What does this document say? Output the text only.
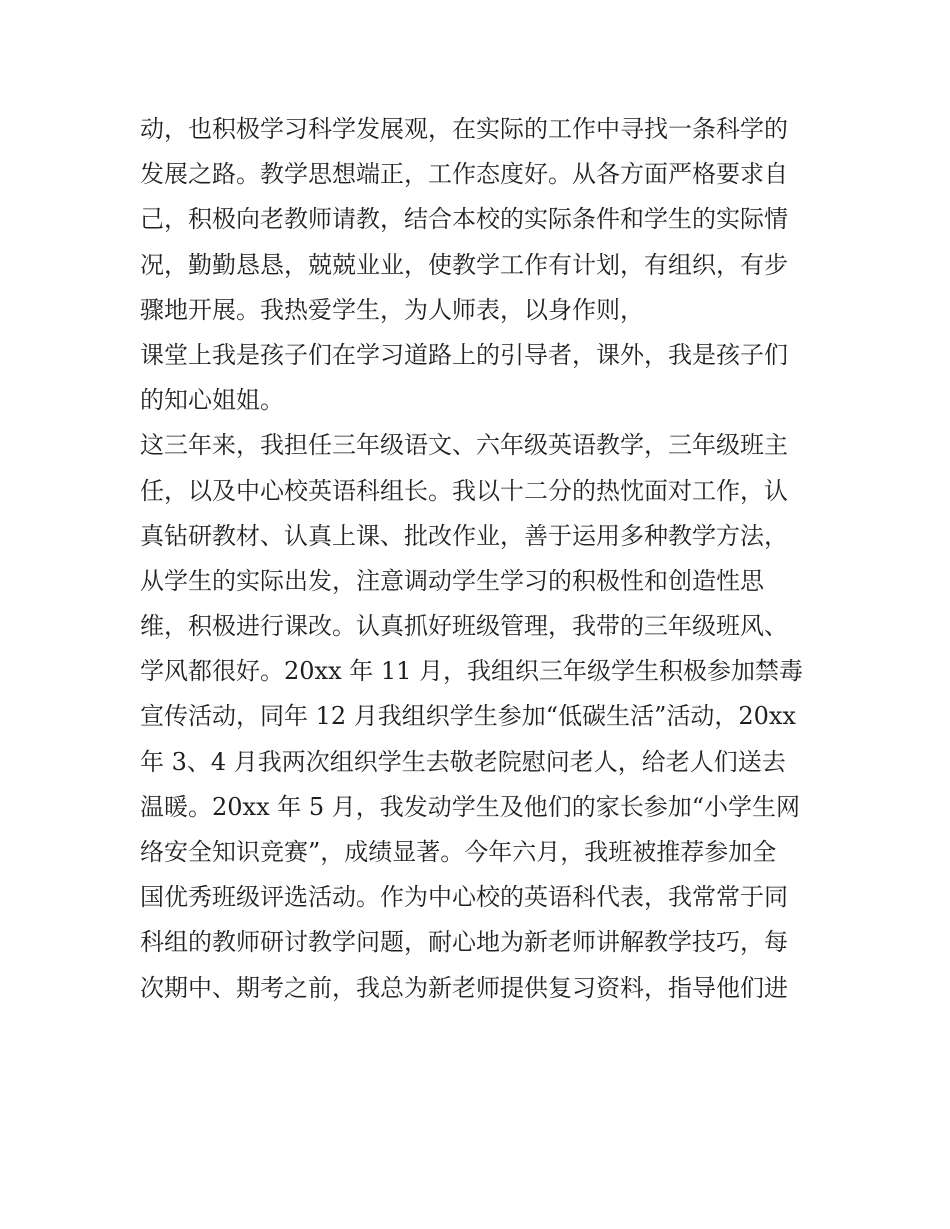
动，也积极学习科学发展观，在实际的工作中寻找一条科学的
发展之路。教学思想端正，工作态度好。从各方面严格要求自
己，积极向老教师请教，结合本校的实际条件和学生的实际情
况，勤勤恳恳，兢兢业业，使教学工作有计划，有组织，有步
骤地开展。我热爱学生，为人师表，以身作则，
课堂上我是孩子们在学习道路上的引导者，课外，我是孩子们
的知心姐姐。
这三年来，我担任三年级语文、六年级英语教学，三年级班主
任，以及中心校英语科组长。我以十二分的热忱面对工作，认
真钻研教材、认真上课、批改作业，善于运用多种教学方法，
从学生的实际出发，注意调动学生学习的积极性和创造性思
维，积极进行课改。认真抓好班级管理，我带的三年级班风、
学风都很好。20xx 年 11 月，我组织三年级学生积极参加禁毒
宣传活动，同年 12 月我组织学生参加“低碳生活”活动，20xx
年 3、4 月我两次组织学生去敬老院慰问老人，给老人们送去
温暖。20xx 年 5 月，我发动学生及他们的家长参加“小学生网
络安全知识竞赛”，成绩显著。今年六月，我班被推荐参加全
国优秀班级评选活动。作为中心校的英语科代表，我常常于同
科组的教师研讨教学问题，耐心地为新老师讲解教学技巧，每
次期中、期考之前，我总为新老师提供复习资料，指导他们进
